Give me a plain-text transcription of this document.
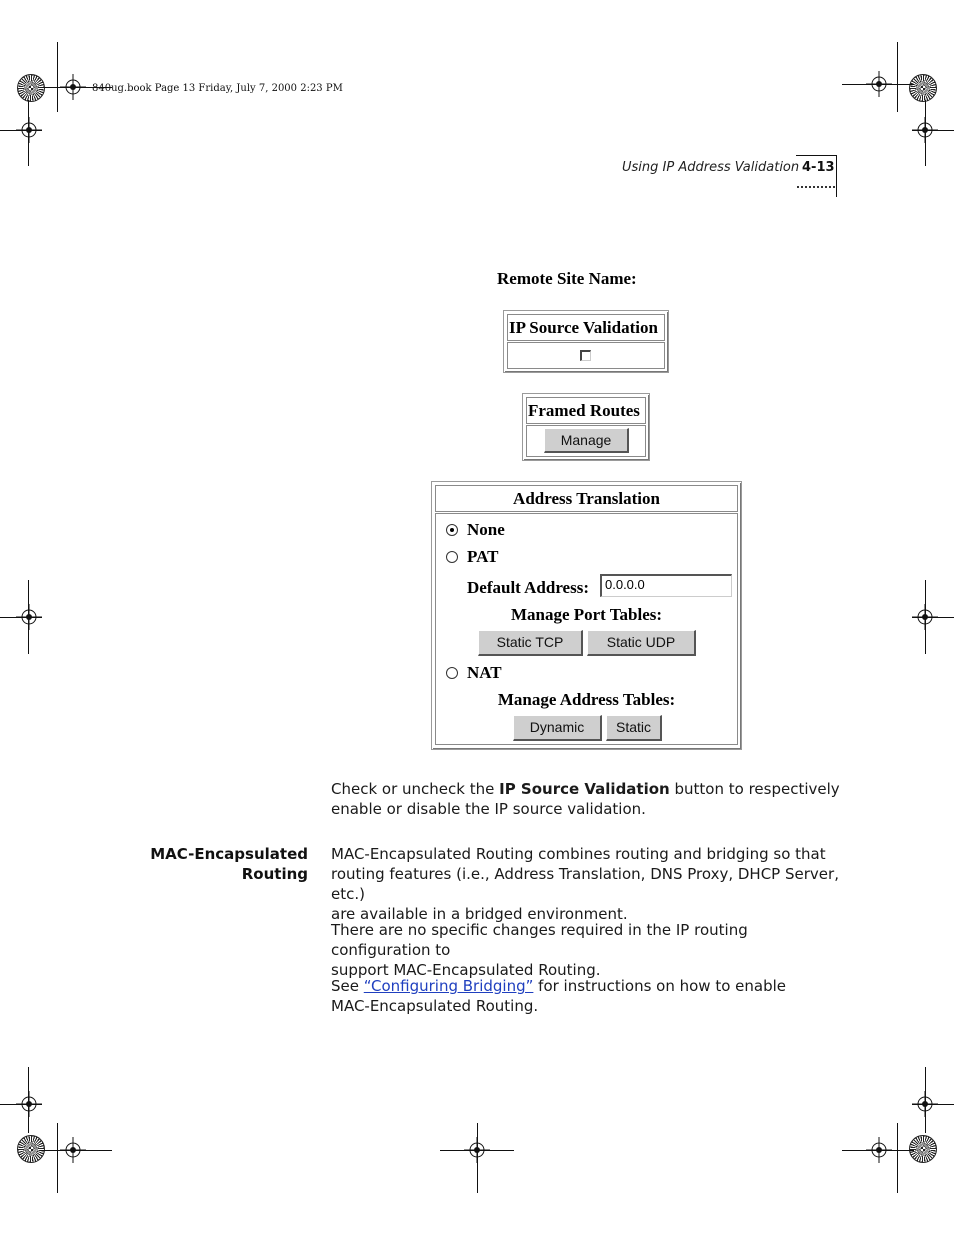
840ug.book Page 13 Friday, July 7, 2000 2:23 PM
Using IP Address Validation 4-13
Remote Site Name:
IP Source Validation
Framed Routes
Manage
Address Translation
None
PAT
Default Address:	0.0.0.0
Manage Port Tables:
Static TCP	Static UDP
NAT
Manage Address Tables:
Dynamic	Static
Check or uncheck the IP Source Validation button to respectively
enable or disable the IP source validation.
MAC-Encapsulated
Routing
MAC-Encapsulated Routing combines routing and bridging so that
routing features (i.e., Address Translation, DNS Proxy, DHCP Server, etc.)
are available in a bridged environment.
There are no specific changes required in the IP routing configuration to
support MAC-Encapsulated Routing.
See “Configuring Bridging” for instructions on how to enable
MAC-Encapsulated Routing.
